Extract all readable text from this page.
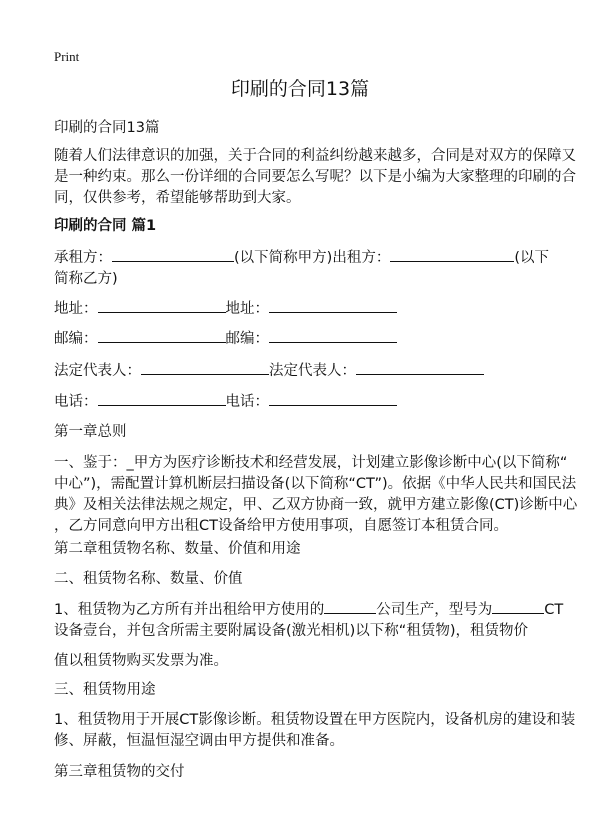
Print
印刷的合同13篇
印刷的合同13篇
随着人们法律意识的加强，关于合同的利益纠纷越来越多，合同是对双方的保障又
是一种约束。那么一份详细的合同要怎么写呢？以下是小编为大家整理的印刷的合
同，仅供参考，希望能够帮助到大家。
印刷的合同 篇1
承租方：	(以下简称甲方)出租方：	(以下
简称乙方)
地址：	地址：
邮编：	邮编：
法定代表人：	法定代表人：
电话：	电话：
第一章总则
一、鉴于：_甲方为医疗诊断技术和经营发展，计划建立影像诊断中心(以下简称“
中心”)，需配置计算机断层扫描设备(以下简称“CT”)。依据《中华人民共和国民法
典》及相关法律法规之规定，甲、乙双方协商一致，就甲方建立影像(CT)诊断中心
，乙方同意向甲方出租CT设备给甲方使用事项，自愿签订本租赁合同。
第二章租赁物名称、数量、价值和用途
二、租赁物名称、数量、价值
1、租赁物为乙方所有并出租给甲方使用的	公司生产，型号为	CT
设备壹台，并包含所需主要附属设备(激光相机)以下称“租赁物)，租赁物价
值以租赁物购买发票为准。
三、租赁物用途
1、租赁物用于开展CT影像诊断。租赁物设置在甲方医院内，设备机房的建设和装
修、屏蔽，恒温恒湿空调由甲方提供和准备。
第三章租赁物的交付
